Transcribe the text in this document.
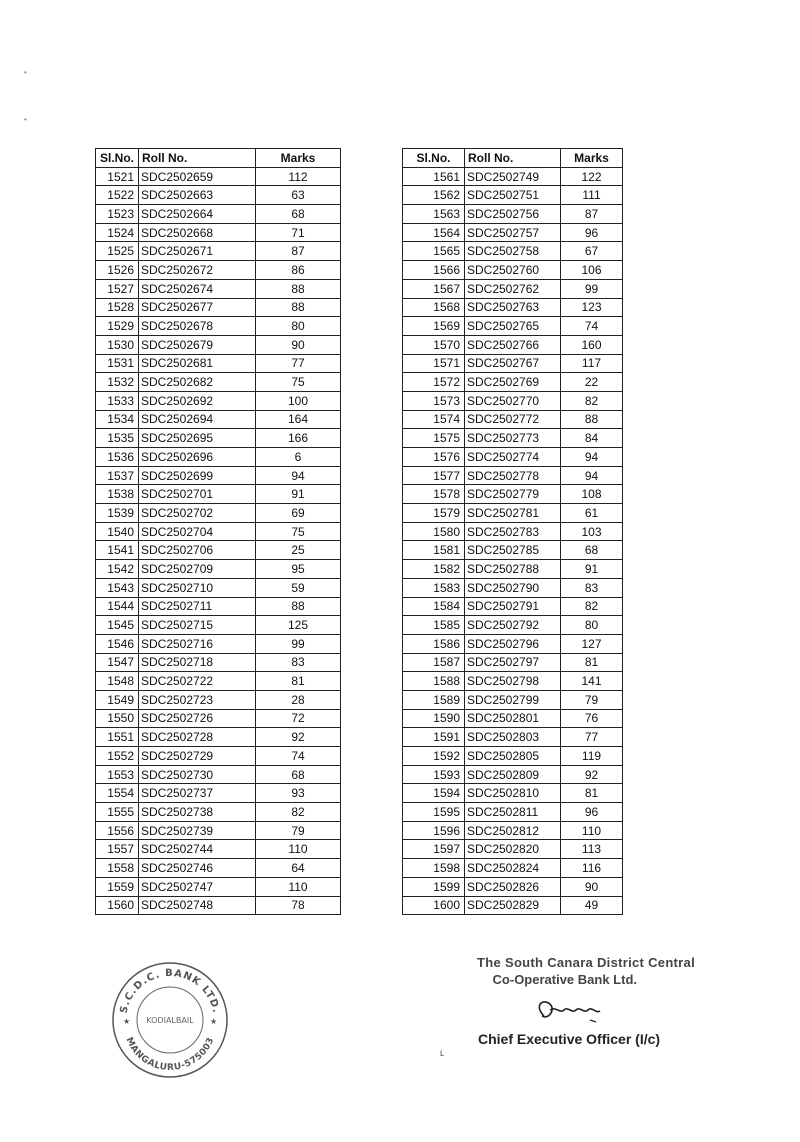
•
•
Sl.No.	Roll No.	Marks
1521	SDC2502659	112
1522	SDC2502663	63
1523	SDC2502664	68
1524	SDC2502668	71
1525	SDC2502671	87
1526	SDC2502672	86
1527	SDC2502674	88
1528	SDC2502677	88
1529	SDC2502678	80
1530	SDC2502679	90
1531	SDC2502681	77
1532	SDC2502682	75
1533	SDC2502692	100
1534	SDC2502694	164
1535	SDC2502695	166
1536	SDC2502696	6
1537	SDC2502699	94
1538	SDC2502701	91
1539	SDC2502702	69
1540	SDC2502704	75
1541	SDC2502706	25
1542	SDC2502709	95
1543	SDC2502710	59
1544	SDC2502711	88
1545	SDC2502715	125
1546	SDC2502716	99
1547	SDC2502718	83
1548	SDC2502722	81
1549	SDC2502723	28
1550	SDC2502726	72
1551	SDC2502728	92
1552	SDC2502729	74
1553	SDC2502730	68
1554	SDC2502737	93
1555	SDC2502738	82
1556	SDC2502739	79
1557	SDC2502744	110
1558	SDC2502746	64
1559	SDC2502747	110
1560	SDC2502748	78
Sl.No.	Roll No.	Marks
1561	SDC2502749	122
1562	SDC2502751	111
1563	SDC2502756	87
1564	SDC2502757	96
1565	SDC2502758	67
1566	SDC2502760	106
1567	SDC2502762	99
1568	SDC2502763	123
1569	SDC2502765	74
1570	SDC2502766	160
1571	SDC2502767	117
1572	SDC2502769	22
1573	SDC2502770	82
1574	SDC2502772	88
1575	SDC2502773	84
1576	SDC2502774	94
1577	SDC2502778	94
1578	SDC2502779	108
1579	SDC2502781	61
1580	SDC2502783	103
1581	SDC2502785	68
1582	SDC2502788	91
1583	SDC2502790	83
1584	SDC2502791	82
1585	SDC2502792	80
1586	SDC2502796	127
1587	SDC2502797	81
1588	SDC2502798	141
1589	SDC2502799	79
1590	SDC2502801	76
1591	SDC2502803	77
1592	SDC2502805	119
1593	SDC2502809	92
1594	SDC2502810	81
1595	SDC2502811	96
1596	SDC2502812	110
1597	SDC2502820	113
1598	SDC2502824	116
1599	SDC2502826	90
1600	SDC2502829	49
S.C.D.C. BANK LTD.
MANGALURU-575003
KODIALBAIL
★	★
The South Canara District Central
Co-Operative Bank Ltd.
Chief Executive Officer (I/c)
ʟ
